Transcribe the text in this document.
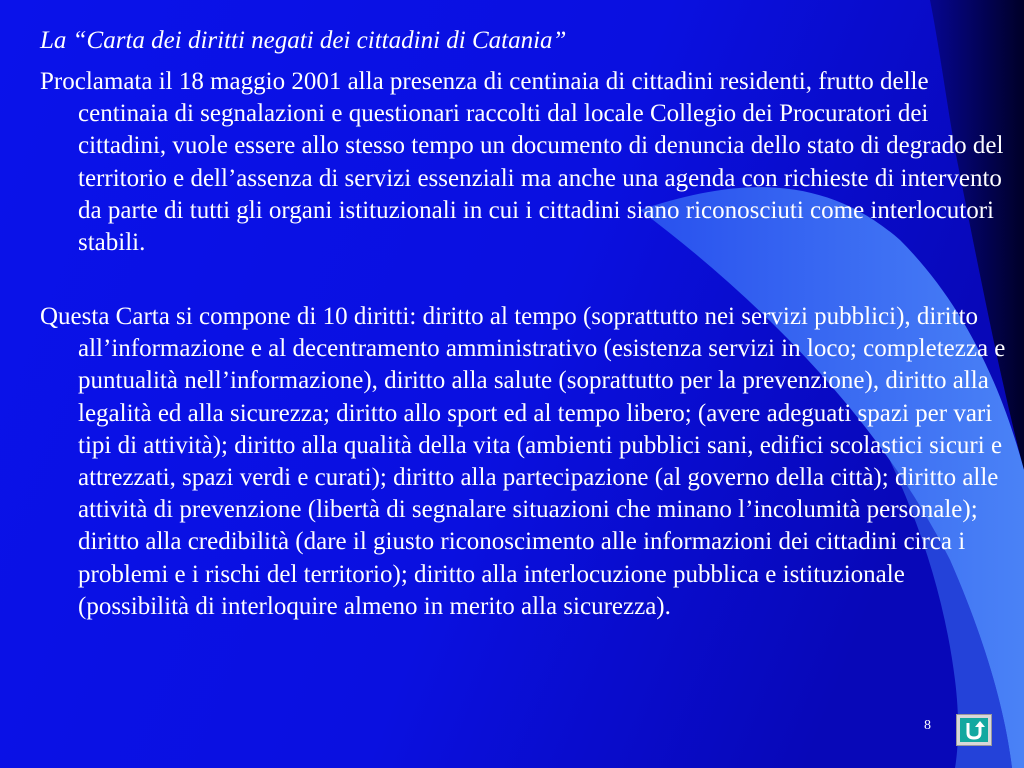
La “Carta dei diritti negati dei cittadini di Catania”

Proclamata il 18 maggio 2001 alla presenza di centinaia di cittadini residenti, frutto delle centinaia di segnalazioni e questionari raccolti dal locale Collegio dei Procuratori dei cittadini, vuole essere allo stesso tempo un documento di denuncia dello stato di degrado del territorio e dell’assenza di servizi essenziali ma anche una agenda con richieste di intervento da parte di tutti gli organi istituzionali in cui i cittadini siano riconosciuti come interlocutori stabili.

Questa Carta si compone di 10 diritti: diritto al tempo (soprattutto nei servizi pubblici), diritto all’informazione e al decentramento amministrativo (esistenza servizi in loco; completezza e puntualità nell’informazione), diritto alla salute (soprattutto per la prevenzione), diritto alla legalità ed alla sicurezza; diritto allo sport ed al tempo libero; (avere adeguati spazi per vari tipi di attività); diritto alla qualità della vita (ambienti pubblici sani, edifici scolastici sicuri e attrezzati, spazi verdi e curati); diritto alla partecipazione (al governo della città); diritto alle attività di prevenzione (libertà di segnalare situazioni che minano l’incolumità personale); diritto alla credibilità (dare il giusto riconoscimento alle informazioni dei cittadini circa i problemi e i rischi del territorio); diritto alla interlocuzione pubblica e istituzionale (possibilità di interloquire almeno in merito alla sicurezza).

8
